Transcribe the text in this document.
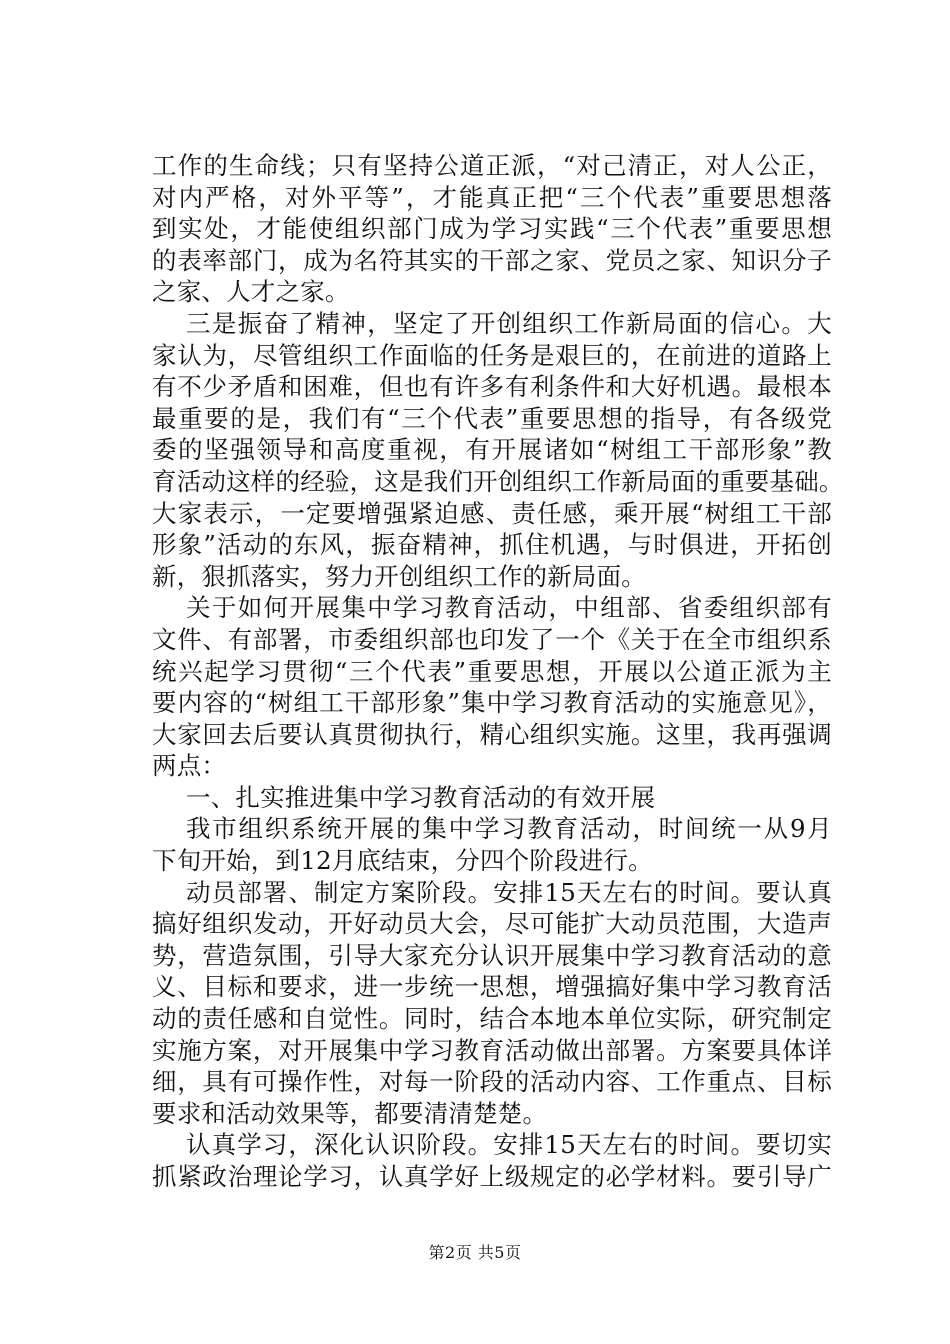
工作的生命线；只有坚持公道正派，“对己清正，对人公正，
对内严格，对外平等”，才能真正把“三个代表”重要思想落
到实处，才能使组织部门成为学习实践“三个代表”重要思想
的表率部门，成为名符其实的干部之家、党员之家、知识分子
之家、人才之家。
三是振奋了精神，坚定了开创组织工作新局面的信心。大
家认为，尽管组织工作面临的任务是艰巨的，在前进的道路上
有不少矛盾和困难，但也有许多有利条件和大好机遇。最根本
最重要的是，我们有“三个代表”重要思想的指导，有各级党
委的坚强领导和高度重视，有开展诸如“树组工干部形象”教
育活动这样的经验，这是我们开创组织工作新局面的重要基础。
大家表示，一定要增强紧迫感、责任感，乘开展“树组工干部
形象”活动的东风，振奋精神，抓住机遇，与时俱进，开拓创
新，狠抓落实，努力开创组织工作的新局面。
关于如何开展集中学习教育活动，中组部、省委组织部有
文件、有部署，市委组织部也印发了一个《关于在全市组织系
统兴起学习贯彻“三个代表”重要思想，开展以公道正派为主
要内容的“树组工干部形象”集中学习教育活动的实施意见》，
大家回去后要认真贯彻执行，精心组织实施。这里，我再强调
两点：
一、扎实推进集中学习教育活动的有效开展
我市组织系统开展的集中学习教育活动，时间统一从9月
下旬开始，到12月底结束，分四个阶段进行。
动员部署、制定方案阶段。安排15天左右的时间。要认真
搞好组织发动，开好动员大会，尽可能扩大动员范围，大造声
势，营造氛围，引导大家充分认识开展集中学习教育活动的意
义、目标和要求，进一步统一思想，增强搞好集中学习教育活
动的责任感和自觉性。同时，结合本地本单位实际，研究制定
实施方案，对开展集中学习教育活动做出部署。方案要具体详
细，具有可操作性，对每一阶段的活动内容、工作重点、目标
要求和活动效果等，都要清清楚楚。
认真学习，深化认识阶段。安排15天左右的时间。要切实
抓紧政治理论学习，认真学好上级规定的必学材料。要引导广
第2页 共5页
